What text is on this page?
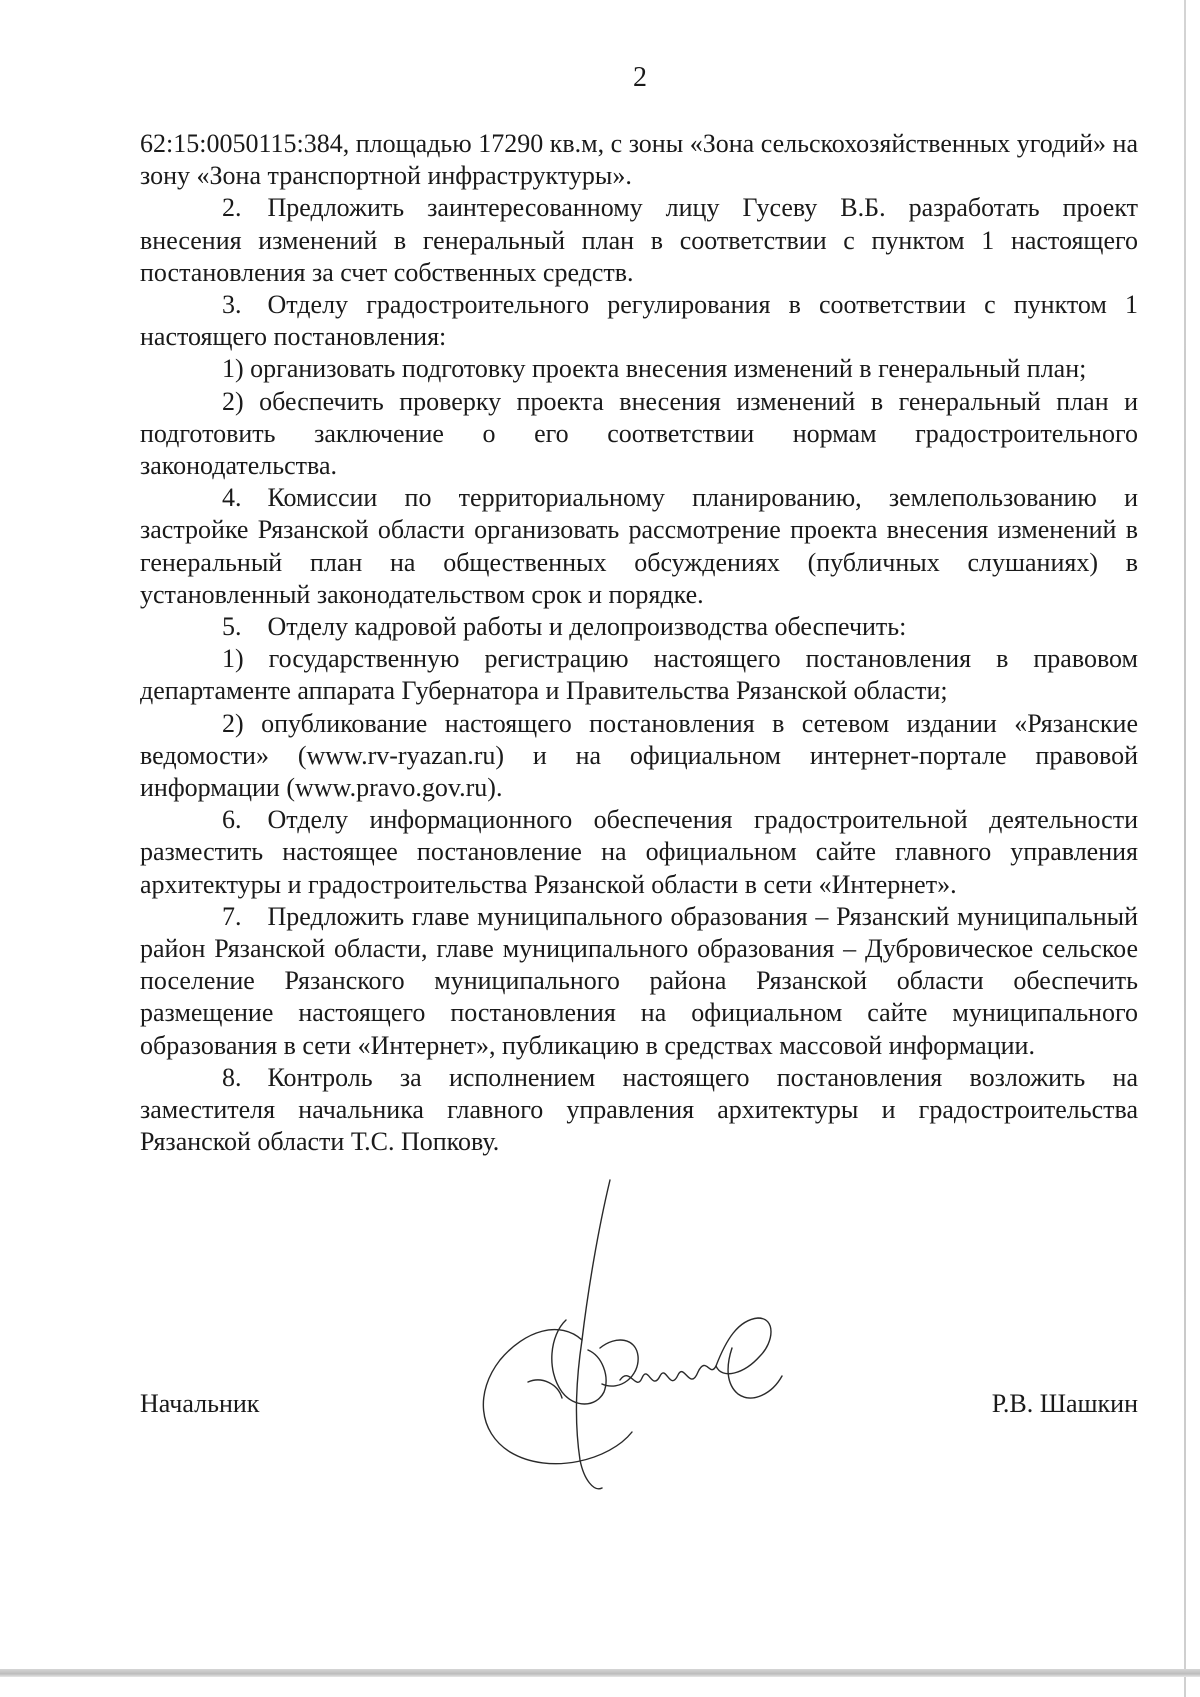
2

62:15:0050115:384, площадью 17290 кв.м, с зоны «Зона сельскохозяйственных угодий» на зону «Зона транспортной инфраструктуры».

2. Предложить заинтересованному лицу Гусеву В.Б. разработать проект внесения изменений в генеральный план в соответствии с пунктом 1 настоящего постановления за счет собственных средств.

3. Отделу градостроительного регулирования в соответствии с пунктом 1 настоящего постановления:

1) организовать подготовку проекта внесения изменений в генеральный план;

2) обеспечить проверку проекта внесения изменений в генеральный план и подготовить заключение о его соответствии нормам градостроительного законодательства.

4. Комиссии по территориальному планированию, землепользованию и застройке Рязанской области организовать рассмотрение проекта внесения изменений в генеральный план на общественных обсуждениях (публичных слушаниях) в установленный законодательством срок и порядке.

5. Отделу кадровой работы и делопроизводства обеспечить:

1) государственную регистрацию настоящего постановления в правовом департаменте аппарата Губернатора и Правительства Рязанской области;

2) опубликование настоящего постановления в сетевом издании «Рязанские ведомости» (www.rv-ryazan.ru) и на официальном интернет-портале правовой информации (www.pravo.gov.ru).

6. Отделу информационного обеспечения градостроительной деятельности разместить настоящее постановление на официальном сайте главного управления архитектуры и градостроительства Рязанской области в сети «Интернет».

7. Предложить главе муниципального образования – Рязанский муниципальный район Рязанской области, главе муниципального образования – Дубровичеcкое сельское поселение Рязанского муниципального района Рязанской области обеспечить размещение настоящего постановления на официальном сайте муниципального образования в сети «Интернет», публикацию в средствах массовой информации.

8. Контроль за исполнением настоящего постановления возложить на заместителя начальника главного управления архитектуры и градостроительства Рязанской области Т.С. Попкову.

Начальник	Р.В. Шашкин
